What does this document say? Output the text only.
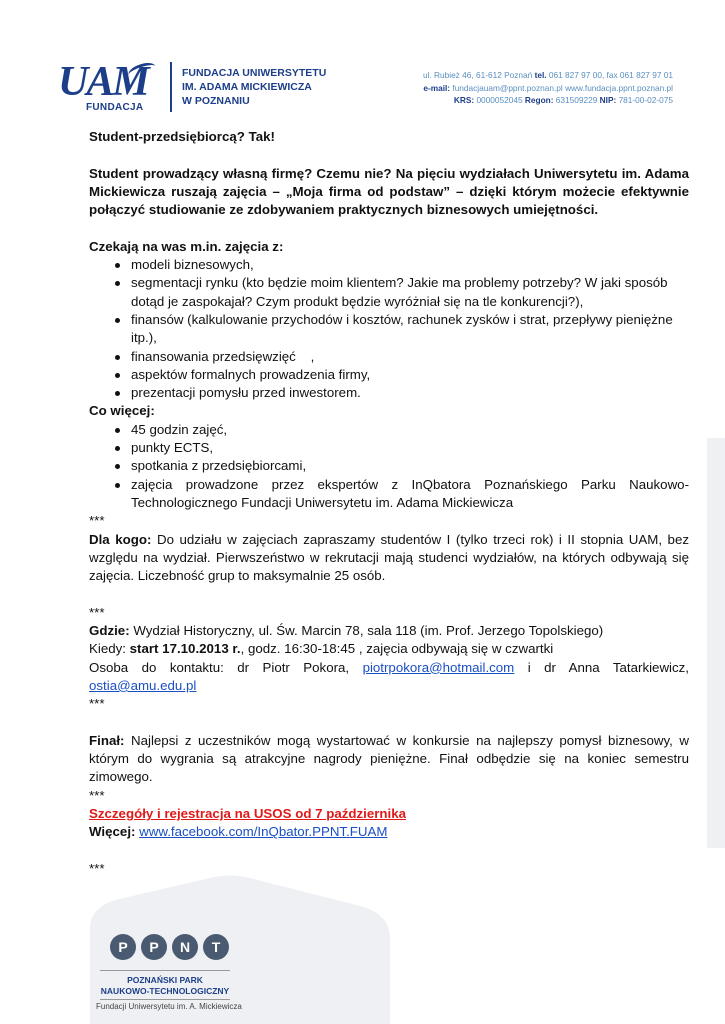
UAM
FUNDACJA
FUNDACJA UNIWERSYTETU
IM. ADAMA MICKIEWICZA
W POZNANIU
ul. Rubież 46, 61-612 Poznań tel. 061 827 97 00, fax 061 827 97 01
e-mail: fundacjauam@ppnt.poznan.pl www.fundacja.ppnt.poznan.pl
KRS: 0000052045 Regon: 631509229 NIP: 781-00-02-075

Student-przedsiębiorcą? Tak!

Student prowadzący własną firmę? Czemu nie? Na pięciu wydziałach Uniwersytetu im. Adama Mickiewicza ruszają zajęcia – „Moja firma od podstaw” – dzięki którym możecie efektywnie połączyć studiowanie ze zdobywaniem praktycznych biznesowych umiejętności.

Czekają na was m.in. zajęcia z:

modeli biznesowych,
segmentacji rynku (kto będzie moim klientem? Jakie ma problemy potrzeby? W jaki sposób dotąd je zaspokajał? Czym produkt będzie wyróżniał się na tle konkurencji?),
finansów (kalkulowanie przychodów i kosztów, rachunek zysków i strat, przepływy pieniężne itp.),
finansowania przedsięwzięć    ,
aspektów formalnych prowadzenia firmy,
prezentacji pomysłu przed inwestorem.

Co więcej:

45 godzin zajęć,
punkty ECTS,
spotkania z przedsiębiorcami,
zajęcia prowadzone przez ekspertów z InQbatora Poznańskiego Parku Naukowo-Technologicznego Fundacji Uniwersytetu im. Adama Mickiewicza

***

Dla kogo: Do udziału w zajęciach zapraszamy studentów I (tylko trzeci rok) i II stopnia UAM, bez względu na wydział. Pierwszeństwo w rekrutacji mają studenci wydziałów, na których odbywają się zajęcia. Liczebność grup to maksymalnie 25 osób.

***

Gdzie: Wydział Historyczny, ul. Św. Marcin 78, sala 118 (im. Prof. Jerzego Topolskiego)

Kiedy: start 17.10.2013 r., godz. 16:30-18:45 , zajęcia odbywają się w czwartki

Osoba do kontaktu: dr Piotr Pokora, piotrpokora@hotmail.com i dr Anna Tatarkiewicz, ostia@amu.edu.pl

***

Finał: Najlepsi z uczestników mogą wystartować w konkursie na najlepszy pomysł biznesowy, w którym do wygrania są atrakcyjne nagrody pieniężne. Finał odbędzie się na koniec semestru zimowego.

***

Szczegóły i rejestracja na USOS od 7 października

Więcej: www.facebook.com/InQbator.PPNT.FUAM

***

P	P	N	T
POZNAŃSKI PARK
NAUKOWO-TECHNOLOGICZNY
Fundacji Uniwersytetu im. A. Mickiewicza
